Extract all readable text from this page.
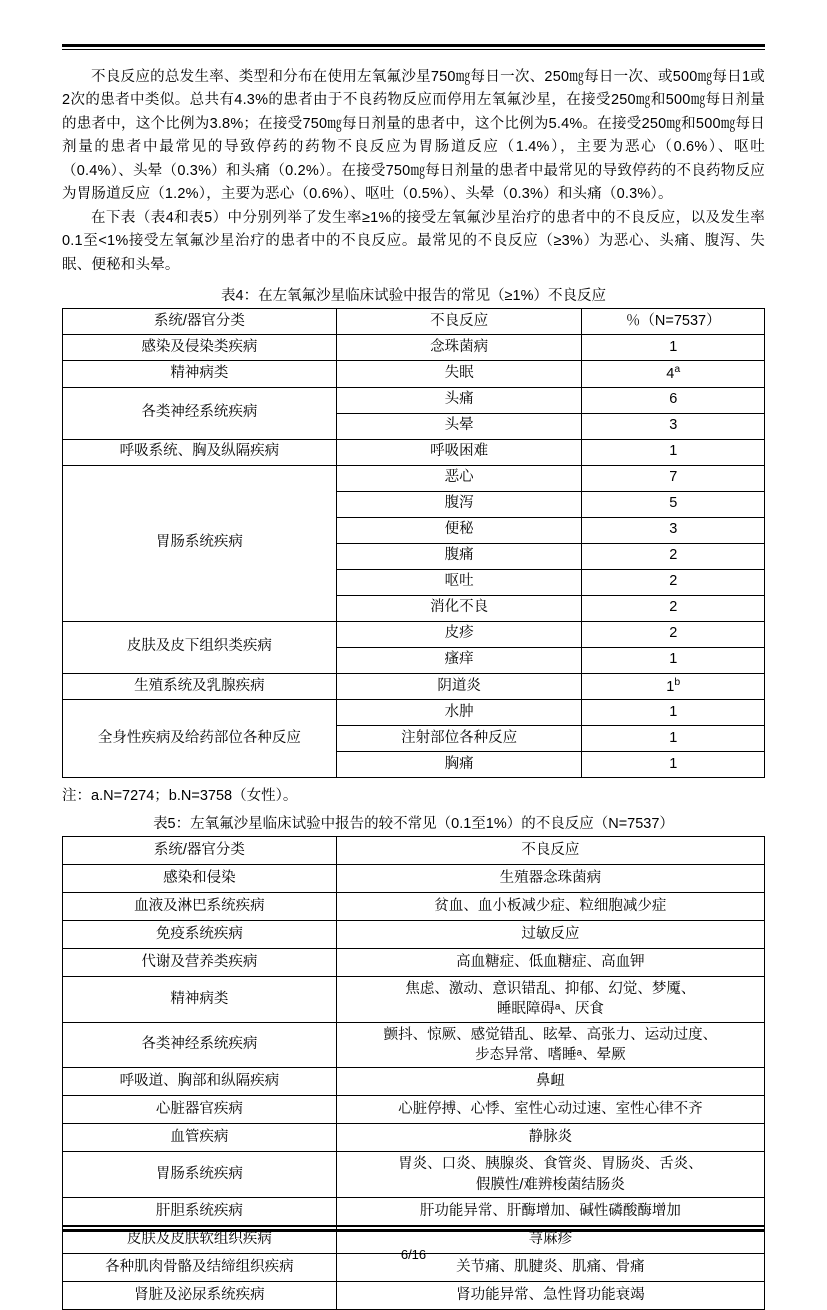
不良反应的总发生率、类型和分布在使用左氧氟沙星750㎎每日一次、250㎎每日一次、或500㎎每日1或2次的患者中类似。总共有4.3%的患者由于不良药物反应而停用左氧氟沙星，在接受250㎎和500㎎每日剂量的患者中，这个比例为3.8%；在接受750㎎每日剂量的患者中，这个比例为5.4%。在接受250㎎和500㎎每日剂量的患者中最常见的导致停药的药物不良反应为胃肠道反应（1.4%），主要为恶心（0.6%）、呕吐（0.4%）、头晕（0.3%）和头痛（0.2%）。在接受750㎎每日剂量的患者中最常见的导致停药的不良药物反应为胃肠道反应（1.2%），主要为恶心（0.6%）、呕吐（0.5%）、头晕（0.3%）和头痛（0.3%）。

在下表（表4和表5）中分别列举了发生率≥1%的接受左氧氟沙星治疗的患者中的不良反应，以及发生率0.1至<1%接受左氧氟沙星治疗的患者中的不良反应。最常见的不良反应（≥3%）为恶心、头痛、腹泻、失眠、便秘和头晕。

表4：在左氧氟沙星临床试验中报告的常见（≥1%）不良反应
系统/器官分类	不良反应	％（N=7537）
感染及侵染类疾病	念珠菌病	1
精神病类	失眠	4$^a$
各类神经系统疾病	头痛	6
	头晕	3
呼吸系统、胸及纵隔疾病	呼吸困难	1
胃肠系统疾病	恶心	7
	腹泻	5
	便秘	3
	腹痛	2
	呕吐	2
	消化不良	2
皮肤及皮下组织类疾病	皮疹	2
	瘙痒	1
生殖系统及乳腺疾病	阴道炎	1$^b$
全身性疾病及给药部位各种反应	水肿	1
	注射部位各种反应	1
	胸痛	1
注：a.N=7274；b.N=3758（女性）。
表5：左氧氟沙星临床试验中报告的较不常见（0.1至1%）的不良反应（N=7537）
系统/器官分类	不良反应
感染和侵染	生殖器念珠菌病
血液及淋巴系统疾病	贫血、血小板减少症、粒细胞减少症
免疫系统疾病	过敏反应
代谢及营养类疾病	高血糖症、低血糖症、高血钾
精神病类	焦虑、激动、意识错乱、抑郁、幻觉、梦魇、
睡眠障碍ᵃ、厌食

各类神经系统疾病	颤抖、惊厥、感觉错乱、眩晕、高张力、运动过度、
步态异常、嗜睡ᵃ、晕厥

呼吸道、胸部和纵隔疾病	鼻衄
心脏器官疾病	心脏停搏、心悸、室性心动过速、室性心律不齐
血管疾病	静脉炎
胃肠系统疾病	胃炎、口炎、胰腺炎、食管炎、胃肠炎、舌炎、
假膜性/难辨梭菌结肠炎

肝胆系统疾病	肝功能异常、肝酶增加、碱性磷酸酶增加
皮肤及皮肤软组织疾病	荨麻疹
各种肌肉骨骼及结缔组织疾病	关节痛、肌腱炎、肌痛、骨痛
肾脏及泌尿系统疾病	肾功能异常、急性肾功能衰竭
6/16
